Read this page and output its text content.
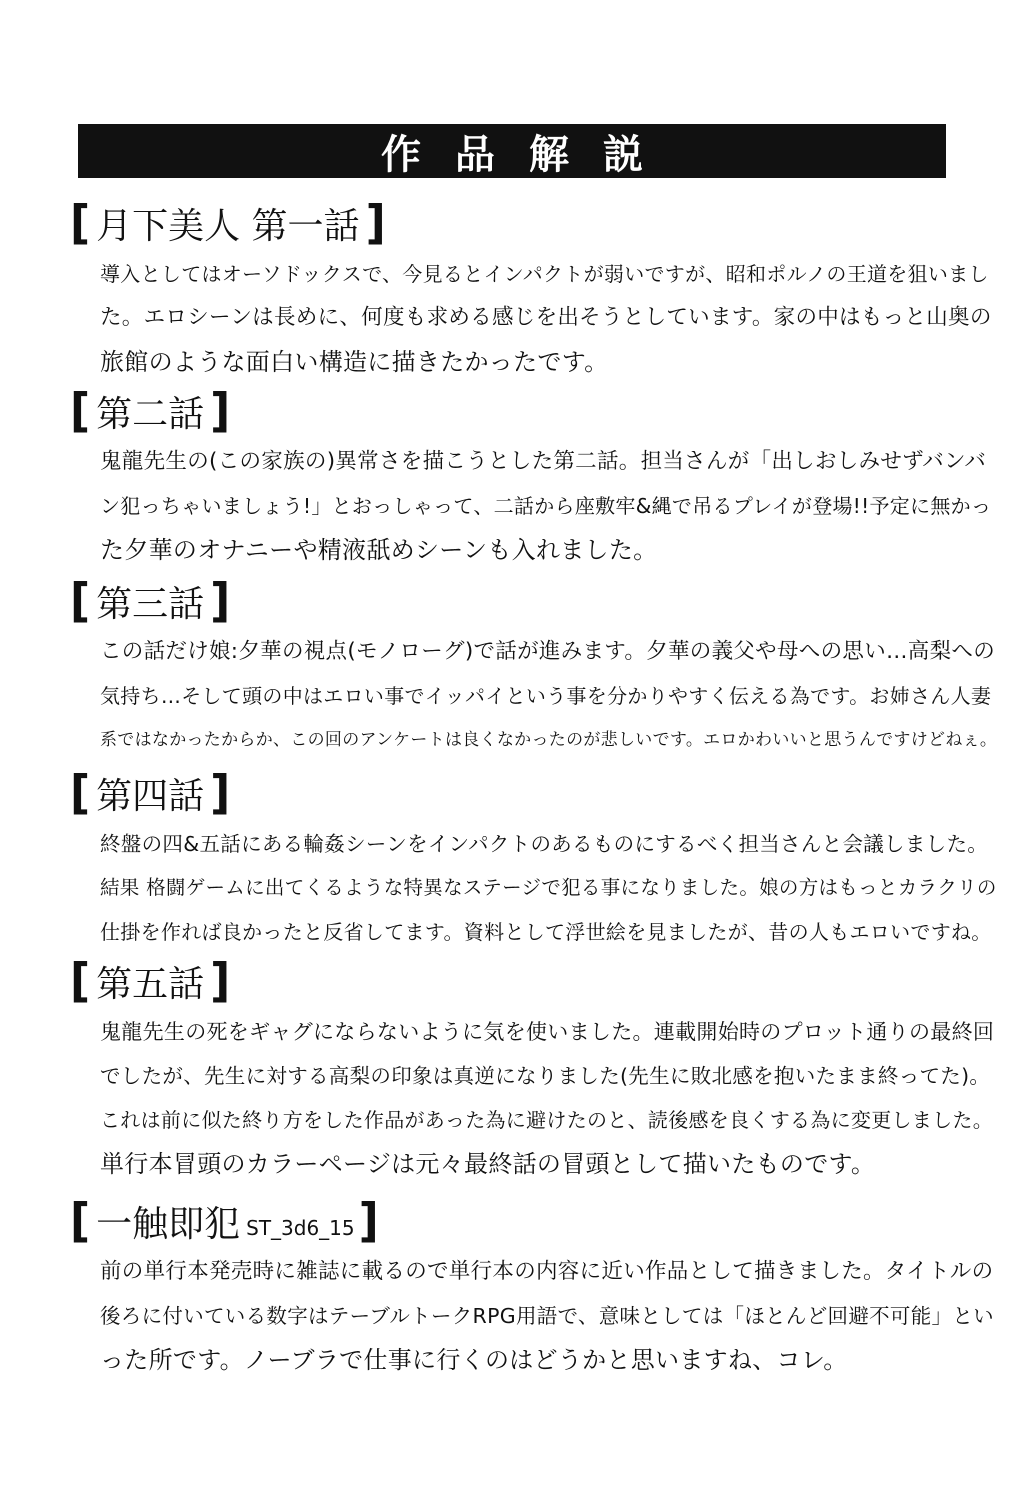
作品解説
[ 月下美人 第一話 ]
導入としてはオーソドックスで、今見るとインパクトが弱いですが、昭和ポルノの王道を狙いまし
た。エロシーンは長めに、何度も求める感じを出そうとしています。家の中はもっと山奥の
旅館のような面白い構造に描きたかったです。
[ 第二話 ]
鬼龍先生の(この家族の)異常さを描こうとした第二話。担当さんが「出しおしみせずバンバ
ン犯っちゃいましょう!」とおっしゃって、二話から座敷牢&縄で吊るプレイが登場!!予定に無かっ
た夕華のオナニーや精液舐めシーンも入れました。
[ 第三話 ]
この話だけ娘:夕華の視点(モノローグ)で話が進みます。夕華の義父や母への思い…高梨への
気持ち…そして頭の中はエロい事でイッパイという事を分かりやすく伝える為です。お姉さん人妻
系ではなかったからか、この回のアンケートは良くなかったのが悲しいです。エロかわいいと思うんですけどねぇ。
[ 第四話 ]
終盤の四&五話にある輪姦シーンをインパクトのあるものにするべく担当さんと会議しました。
結果 格闘ゲームに出てくるような特異なステージで犯る事になりました。娘の方はもっとカラクリの
仕掛を作れば良かったと反省してます。資料として浮世絵を見ましたが、昔の人もエロいですね。
[ 第五話 ]
鬼龍先生の死をギャグにならないように気を使いました。連載開始時のプロット通りの最終回
でしたが、先生に対する高梨の印象は真逆になりました(先生に敗北感を抱いたまま終ってた)。
これは前に似た終り方をした作品があった為に避けたのと、読後感を良くする為に変更しました。
単行本冒頭のカラーページは元々最終話の冒頭として描いたものです。
[ 一触即犯 ST_3d6_15 ]
前の単行本発売時に雑誌に載るので単行本の内容に近い作品として描きました。タイトルの
後ろに付いている数字はテーブルトークRPG用語で、意味としては「ほとんど回避不可能」とい
った所です。ノーブラで仕事に行くのはどうかと思いますね、コレ。
